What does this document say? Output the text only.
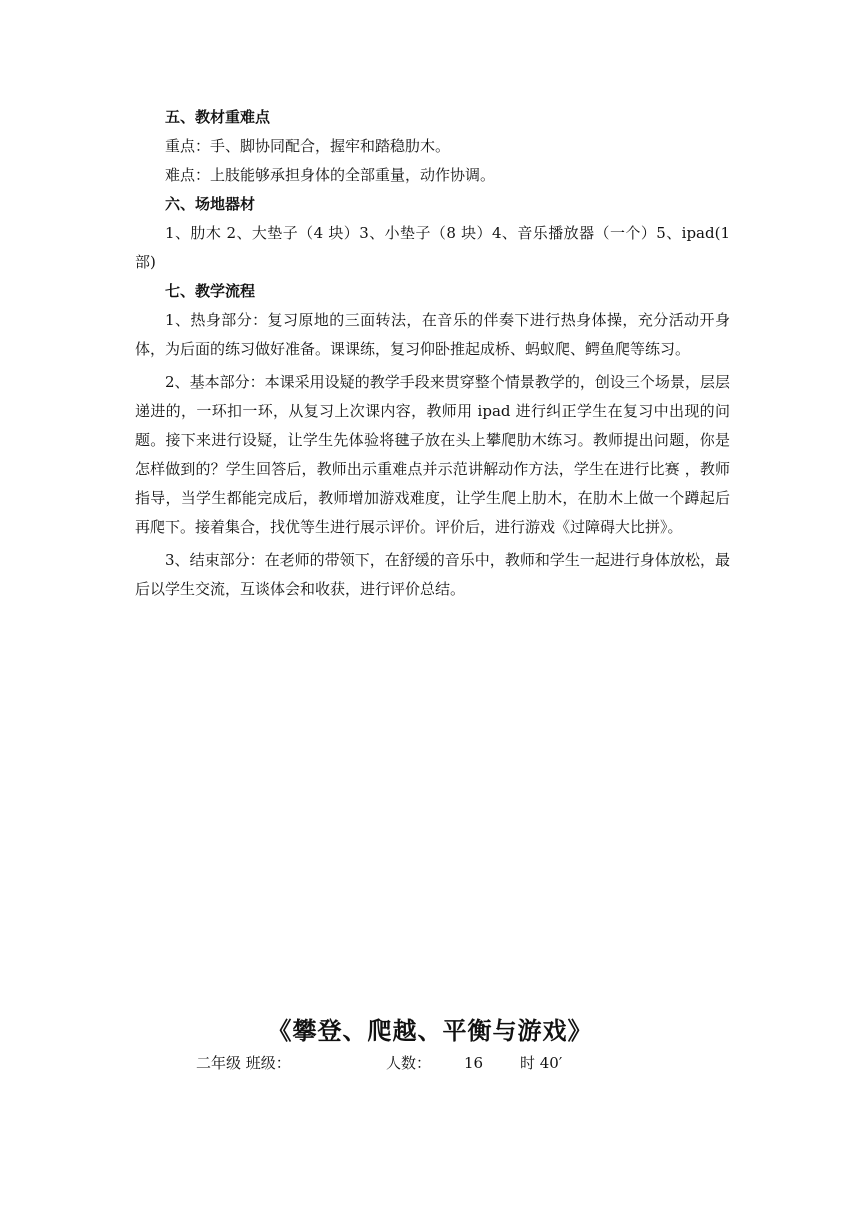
五、教材重难点

重点：手、脚协同配合，握牢和踏稳肋木。

难点：上肢能够承担身体的全部重量，动作协调。

六、场地器材

1、肋木 2、大垫子（4 块）3、小垫子（8 块）4、音乐播放器（一个）5、ipad(1 部)

七、教学流程

1、热身部分：复习原地的三面转法，在音乐的伴奏下进行热身体操，充分活动开身体，为后面的练习做好准备。课课练，复习仰卧推起成桥、蚂蚁爬、鳄鱼爬等练习。

2、基本部分：本课采用设疑的教学手段来贯穿整个情景教学的，创设三个场景，层层递进的，一环扣一环，从复习上次课内容，教师用 ipad 进行纠正学生在复习中出现的问题。接下来进行设疑，让学生先体验将毽子放在头上攀爬肋木练习。教师提出问题，你是怎样做到的？学生回答后，教师出示重难点并示范讲解动作方法，学生在进行比赛 ，教师指导，当学生都能完成后，教师增加游戏难度，让学生爬上肋木，在肋木上做一个蹲起后再爬下。接着集合，找优等生进行展示评价。评价后，进行游戏《过障碍大比拼》。

3、结束部分：在老师的带领下，在舒缓的音乐中，教师和学生一起进行身体放松，最后以学生交流，互谈体会和收获，进行评价总结。

《攀登、爬越、平衡与游戏》
二年级 班级：	人数： 16 时 40′
